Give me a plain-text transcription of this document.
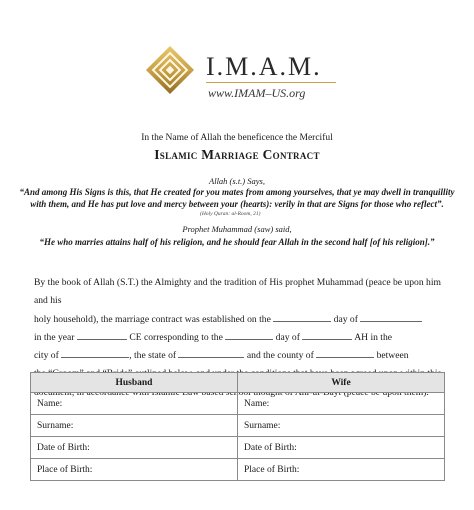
I.M.A.M.
www.IMAM–US.org
In the Name of Allah the beneficence the Merciful
Islamic Marriage Contract
Allah (s.t.) Says,
“And among His Signs is this, that He created for you mates from among yourselves, that ye may dwell in tranquillity
with them, and He has put love and mercy between your (hearts): verily in that are Signs for those who reflect”.
(Holy Quran: al-Room, 21)
Prophet Muhammad (saw) said,
“He who marries attains half of his religion, and he should fear Allah in the second half [of his religion].”
By the book of Allah (S.T.) the Almighty and the tradition of His prophet Muhammad (peace be upon him and his
holy household), the marriage contract was established on the	day of
in the year	CE corresponding to the	day of	AH in the
city of	, the state of	and the county of	between
Husband	Wife
Name:	Name:
Surname:	Surname:
Date of Birth:	Date of Birth:
Place of Birth:	Place of Birth:
